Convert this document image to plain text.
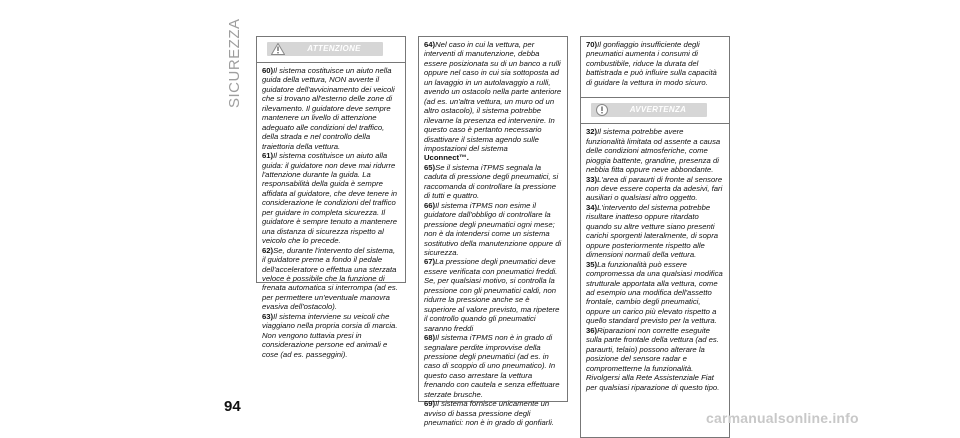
SICUREZZA	ATTENZIONE

60)Il sistema costituisce un aiuto nella guida della vettura, NON avverte il guidatore dell'avvicinamento dei veicoli che si trovano all'esterno delle zone di rilevamento. Il guidatore deve sempre mantenere un livello di attenzione adeguato alle condizioni del traffico, della strada e nel controllo della traiettoria della vettura.

61)Il sistema costituisce un aiuto alla guida: il guidatore non deve mai ridurre l'attenzione durante la guida. La responsabilità della guida è sempre affidata al guidatore, che deve tenere in considerazione le condizioni del traffico per guidare in completa sicurezza. Il guidatore è sempre tenuto a mantenere una distanza di sicurezza rispetto al veicolo che lo precede.

62)Se, durante l'intervento del sistema, il guidatore preme a fondo il pedale dell'acceleratore o effettua una sterzata veloce è possibile che la funzione di frenata automatica si interrompa (ad es. per permettere un'eventuale manovra evasiva dell'ostacolo).

63)Il sistema interviene su veicoli che viaggiano nella propria corsia di marcia. Non vengono tuttavia presi in considerazione persone ed animali e cose (ad es. passeggini).

64)Nel caso in cui la vettura, per interventi di manutenzione, debba essere posizionata su di un banco a rulli oppure nel caso in cui sia sottoposta ad un lavaggio in un autolavaggio a rulli, avendo un ostacolo nella parte anteriore (ad es. un'altra vettura, un muro od un altro ostacolo), il sistema potrebbe rilevarne la presenza ed intervenire. In questo caso è pertanto necessario disattivare il sistema agendo sulle impostazioni del sistema

Uconnect™.

65)Se il sistema iTPMS segnala la caduta di pressione degli pneumatici, si raccomanda di controllare la pressione di tutti e quattro.

66)Il sistema iTPMS non esime il guidatore dall'obbligo di controllare la pressione degli pneumatici ogni mese; non è da intendersi come un sistema sostitutivo della manutenzione oppure di sicurezza.

67)La pressione degli pneumatici deve essere verificata con pneumatici freddi. Se, per qualsiasi motivo, si controlla la pressione con gli pneumatici caldi, non ridurre la pressione anche se è superiore al valore previsto, ma ripetere il controllo quando gli pneumatici saranno freddi

68)Il sistema iTPMS non è in grado di segnalare perdite improvvise della pressione degli pneumatici (ad es. in caso di scoppio di uno pneumatico). In questo caso arrestare la vettura frenando con cautela e senza effettuare sterzate brusche.

69)Il sistema fornisce unicamente un avviso di bassa pressione degli pneumatici: non è in grado di gonfiarli.

70)Il gonfiaggio insufficiente degli pneumatici aumenta i consumi di combustibile, riduce la durata del battistrada e può influire sulla capacità di guidare la vettura in modo sicuro.

AVVERTENZA

32)Il sistema potrebbe avere funzionalità limitata od assente a causa delle condizioni atmosferiche, come pioggia battente, grandine, presenza di nebbia fitta oppure neve abbondante.

33)L'area di paraurti di fronte al sensore non deve essere coperta da adesivi, fari ausiliari o qualsiasi altro oggetto.

34)L'intervento del sistema potrebbe risultare inatteso oppure ritardato quando su altre vetture siano presenti carichi sporgenti lateralmente, di sopra oppure posteriormente rispetto alle dimensioni normali della vettura.

35)La funzionalità può essere compromessa da una qualsiasi modifica strutturale apportata alla vettura, come ad esempio una modifica dell'assetto frontale, cambio degli pneumatici, oppure un carico più elevato rispetto a quello standard previsto per la vettura.

36)Riparazioni non corrette eseguite sulla parte frontale della vettura (ad es. paraurti, telaio) possono alterare la posizione del sensore radar e comprometterne la funzionalità. Rivolgersi alla Rete Assistenziale Fiat per qualsiasi riparazione di questo tipo.

94
carmanualsonline.info
